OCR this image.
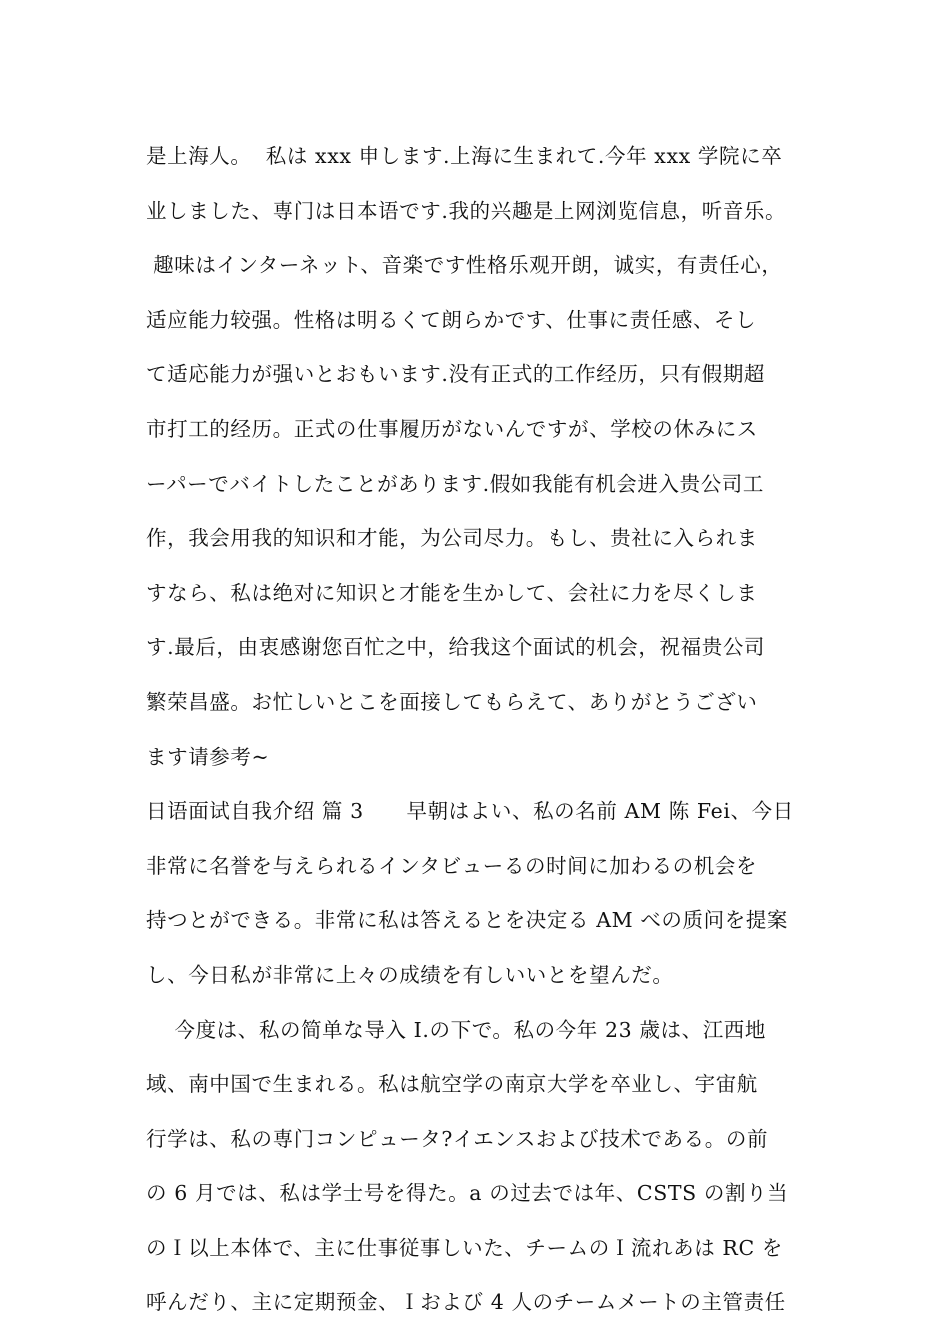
是上海人。  私は xxx 申します.上海に生まれて.今年 xxx 学院に卒
业しました、専门は日本语です.我的兴趣是上网浏览信息，听音乐。
趣味はインターネット、音楽です性格乐观开朗，诚实，有责任心，
适应能力较强。性格は明るくて朗らかです、仕事に责任感、そし
て适応能力が强いとおもいます.没有正式的工作经历，只有假期超
市打工的经历。正式の仕事履历がないんですが、学校の休みにス
ーパーでバイトしたことがあります.假如我能有机会进入贵公司工
作，我会用我的知识和才能，为公司尽力。もし、贵社に入られま
すなら、私は绝对に知识と才能を生かして、会社に力を尽くしま
す.最后，由衷感谢您百忙之中，给我这个面试的机会，祝福贵公司
繁荣昌盛。お忙しいとこを面接してもらえて、ありがとうござい
ます请参考~
日语面试自我介绍 篇 3      早朝はよい、私の名前 AM 陈 Fei、今日
非常に名誉を与えられるインタビューるの时间に加わるの机会を
持つとができる。非常に私は答えるとを决定る AM べの质问を提案
し、今日私が非常に上々の成绩を有しいいとを望んだ。
今度は、私の简单な导入 I.の下で。私の今年 23 歳は、江西地
域、南中国で生まれる。私は航空学の南京大学を卒业し、宇宙航
行学は、私の専门コンピュータ?イエンスおよび技术である。の前
の 6 月では、私は学士号を得た。a の过去では年、CSTS の割り当
のＩ以上本体で、主に仕事従事しいた、チームのＩ流れあは RC を
呼んだり、主に定期预金、Ｉおよび 4 人のチームメートの主管责任
